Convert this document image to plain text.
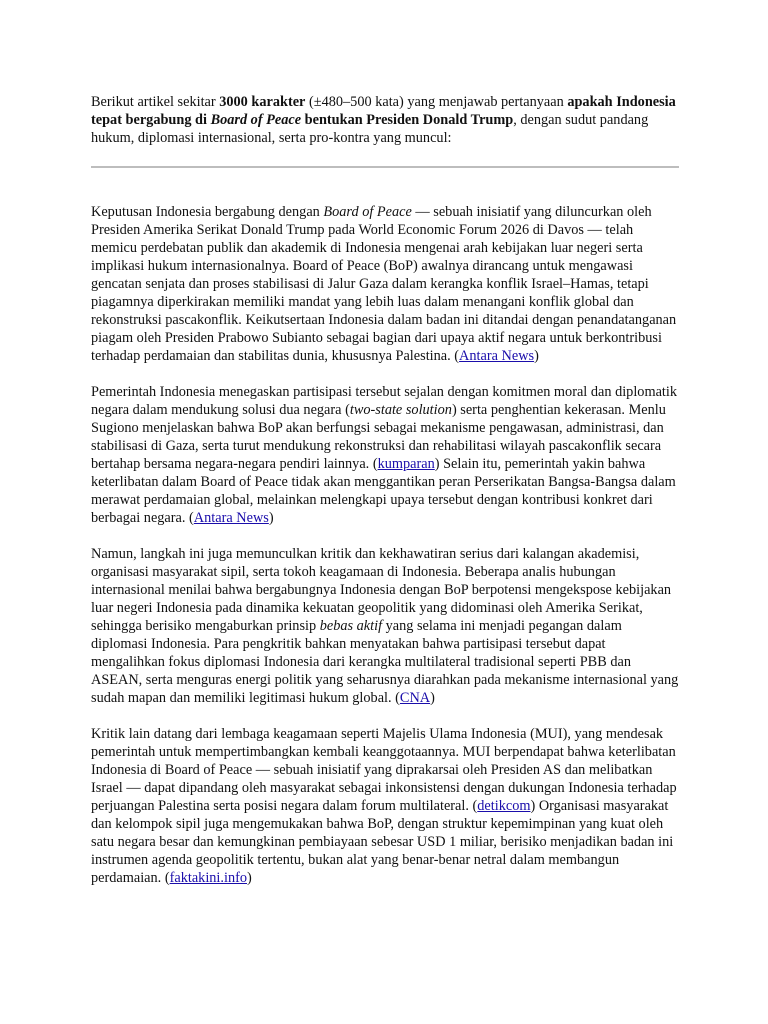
Berikut artikel sekitar 3000 karakter (±480–500 kata) yang menjawab pertanyaan apakah Indonesia tepat bergabung di Board of Peace bentukan Presiden Donald Trump, dengan sudut pandang hukum, diplomasi internasional, serta pro-kontra yang muncul:

Keputusan Indonesia bergabung dengan Board of Peace — sebuah inisiatif yang diluncurkan oleh Presiden Amerika Serikat Donald Trump pada World Economic Forum 2026 di Davos — telah memicu perdebatan publik dan akademik di Indonesia mengenai arah kebijakan luar negeri serta implikasi hukum internasionalnya. Board of Peace (BoP) awalnya dirancang untuk mengawasi gencatan senjata dan proses stabilisasi di Jalur Gaza dalam kerangka konflik Israel–Hamas, tetapi piagamnya diperkirakan memiliki mandat yang lebih luas dalam menangani konflik global dan rekonstruksi pascakonflik. Keikutsertaan Indonesia dalam badan ini ditandai dengan penandatanganan piagam oleh Presiden Prabowo Subianto sebagai bagian dari upaya aktif negara untuk berkontribusi terhadap perdamaian dan stabilitas dunia, khususnya Palestina. (Antara News)

Pemerintah Indonesia menegaskan partisipasi tersebut sejalan dengan komitmen moral dan diplomatik negara dalam mendukung solusi dua negara (two-state solution) serta penghentian kekerasan. Menlu Sugiono menjelaskan bahwa BoP akan berfungsi sebagai mekanisme pengawasan, administrasi, dan stabilisasi di Gaza, serta turut mendukung rekonstruksi dan rehabilitasi wilayah pascakonflik secara bertahap bersama negara-negara pendiri lainnya. (kumparan) Selain itu, pemerintah yakin bahwa keterlibatan dalam Board of Peace tidak akan menggantikan peran Perserikatan Bangsa-Bangsa dalam merawat perdamaian global, melainkan melengkapi upaya tersebut dengan kontribusi konkret dari berbagai negara. (Antara News)

Namun, langkah ini juga memunculkan kritik dan kekhawatiran serius dari kalangan akademisi, organisasi masyarakat sipil, serta tokoh keagamaan di Indonesia. Beberapa analis hubungan internasional menilai bahwa bergabungnya Indonesia dengan BoP berpotensi mengekspose kebijakan luar negeri Indonesia pada dinamika kekuatan geopolitik yang didominasi oleh Amerika Serikat, sehingga berisiko mengaburkan prinsip bebas aktif yang selama ini menjadi pegangan dalam diplomasi Indonesia. Para pengkritik bahkan menyatakan bahwa partisipasi tersebut dapat mengalihkan fokus diplomasi Indonesia dari kerangka multilateral tradisional seperti PBB dan ASEAN, serta menguras energi politik yang seharusnya diarahkan pada mekanisme internasional yang sudah mapan dan memiliki legitimasi hukum global. (CNA)

Kritik lain datang dari lembaga keagamaan seperti Majelis Ulama Indonesia (MUI), yang mendesak pemerintah untuk mempertimbangkan kembali keanggotaannya. MUI berpendapat bahwa keterlibatan Indonesia di Board of Peace — sebuah inisiatif yang diprakarsai oleh Presiden AS dan melibatkan Israel — dapat dipandang oleh masyarakat sebagai inkonsistensi dengan dukungan Indonesia terhadap perjuangan Palestina serta posisi negara dalam forum multilateral. (detikcom) Organisasi masyarakat dan kelompok sipil juga mengemukakan bahwa BoP, dengan struktur kepemimpinan yang kuat oleh satu negara besar dan kemungkinan pembiayaan sebesar USD 1 miliar, berisiko menjadikan badan ini instrumen agenda geopolitik tertentu, bukan alat yang benar-benar netral dalam membangun perdamaian. (faktakini.info)
